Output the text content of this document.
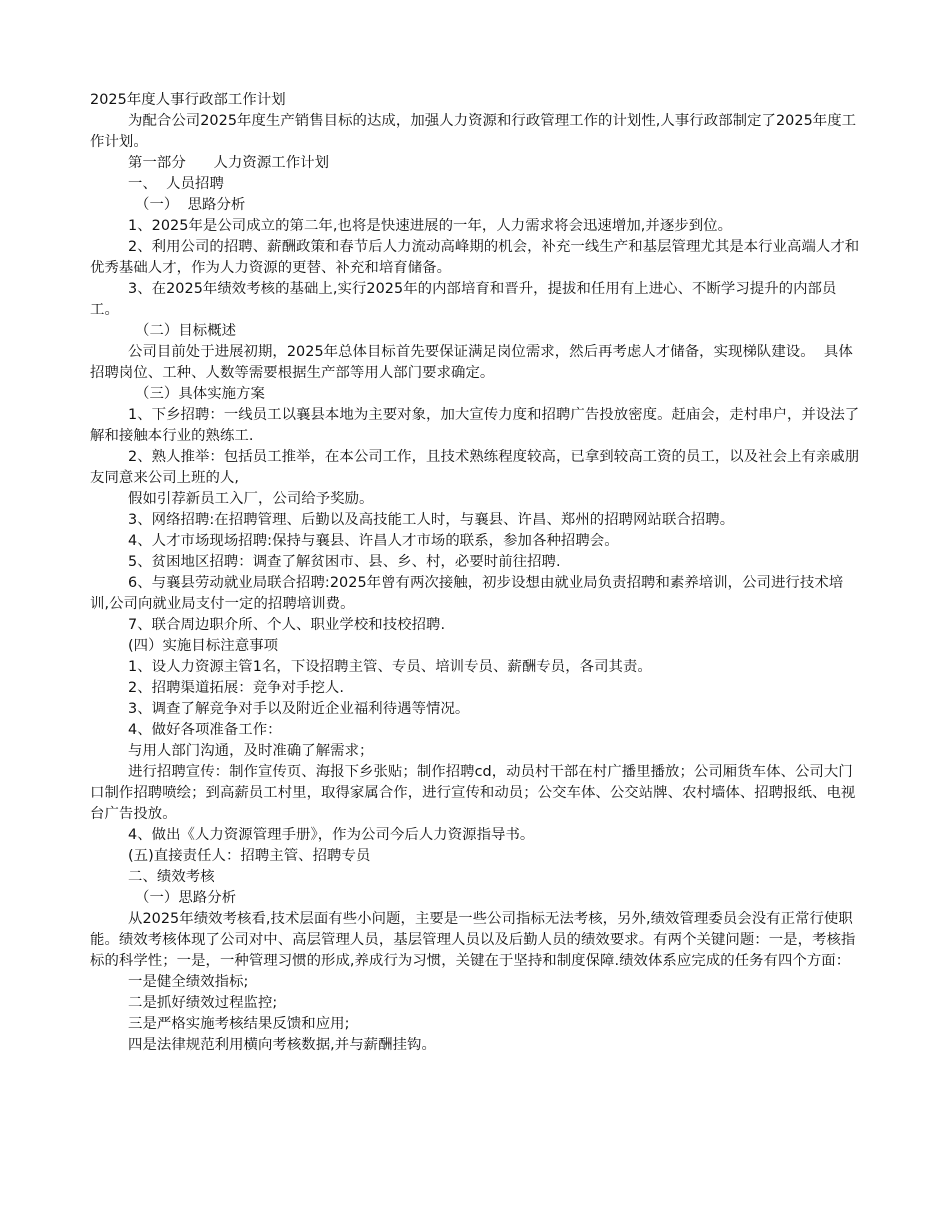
2025年度人事行政部工作计划

为配合公司2025年度生产销售目标的达成，加强人力资源和行政管理工作的计划性,人事行政部制定了2025年度工作计划。

第一部分      人力资源工作计划

一、  人员招聘

（一）  思路分析

1、2025年是公司成立的第二年,也将是快速进展的一年，人力需求将会迅速增加,并逐步到位。

2、利用公司的招聘、薪酬政策和春节后人力流动高峰期的机会，补充一线生产和基层管理尤其是本行业高端人才和优秀基础人才，作为人力资源的更替、补充和培育储备。

3、在2025年绩效考核的基础上,实行2025年的内部培育和晋升，提拔和任用有上进心、不断学习提升的内部员工。

（二）目标概述

公司目前处于进展初期，2025年总体目标首先要保证满足岗位需求，然后再考虑人才储备，实现梯队建设。  具体招聘岗位、工种、人数等需要根据生产部等用人部门要求确定。

（三）具体实施方案

1、下乡招聘：一线员工以襄县本地为主要对象，加大宣传力度和招聘广告投放密度。赶庙会，走村串户，并设法了解和接触本行业的熟练工.

2、熟人推举：包括员工推举，在本公司工作，且技术熟练程度较高，已拿到较高工资的员工，以及社会上有亲戚朋友同意来公司上班的人,

假如引荐新员工入厂，公司给予奖励。

3、网络招聘:在招聘管理、后勤以及高技能工人时，与襄县、许昌、郑州的招聘网站联合招聘。

4、人才市场现场招聘:保持与襄县、许昌人才市场的联系，参加各种招聘会。

5、贫困地区招聘：调查了解贫困市、县、乡、村，必要时前往招聘.

6、与襄县劳动就业局联合招聘:2025年曾有两次接触，初步设想由就业局负责招聘和素养培训，公司进行技术培训,公司向就业局支付一定的招聘培训费。

7、联合周边职介所、个人、职业学校和技校招聘.

(四）实施目标注意事项

1、设人力资源主管1名，下设招聘主管、专员、培训专员、薪酬专员，各司其责。

2、招聘渠道拓展：竞争对手挖人.

3、调查了解竞争对手以及附近企业福利待遇等情况。

4、做好各项准备工作：

与用人部门沟通，及时准确了解需求；

进行招聘宣传：制作宣传页、海报下乡张贴；制作招聘cd，动员村干部在村广播里播放；公司厢货车体、公司大门口制作招聘喷绘；到高薪员工村里，取得家属合作，进行宣传和动员；公交车体、公交站牌、农村墙体、招聘报纸、电视台广告投放。

4、做出《人力资源管理手册》，作为公司今后人力资源指导书。

(五)直接责任人：招聘主管、招聘专员

二、绩效考核

（一）思路分析

从2025年绩效考核看,技术层面有些小问题，主要是一些公司指标无法考核，另外,绩效管理委员会没有正常行使职能。绩效考核体现了公司对中、高层管理人员，基层管理人员以及后勤人员的绩效要求。有两个关键问题：一是，考核指标的科学性；一是，一种管理习惯的形成,养成行为习惯，关键在于坚持和制度保障.绩效体系应完成的任务有四个方面：

一是健全绩效指标;

二是抓好绩效过程监控;

三是严格实施考核结果反馈和应用;

四是法律规范利用横向考核数据,并与薪酬挂钩。
